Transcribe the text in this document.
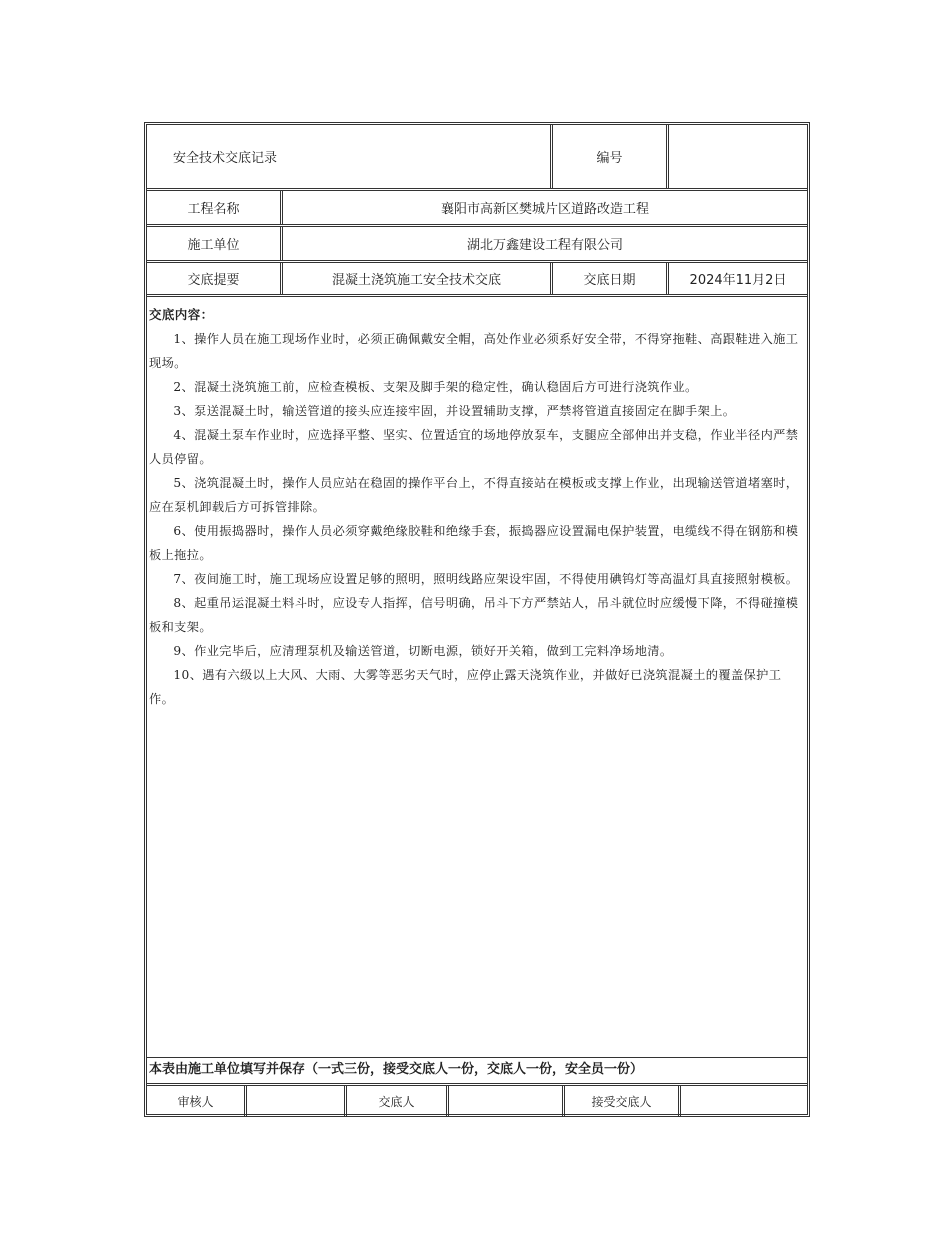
安全技术交底记录	编号
工程名称	襄阳市高新区樊城片区道路改造工程
施工单位	湖北万鑫建设工程有限公司
交底提要	混凝土浇筑施工安全技术交底	交底日期	2024年11月2日
交底内容：

1、操作人员在施工现场作业时，必须正确佩戴安全帽，高处作业必须系好安全带，不得穿拖鞋、高跟鞋进入施工现场。

2、混凝土浇筑施工前，应检查模板、支架及脚手架的稳定性，确认稳固后方可进行浇筑作业。

3、泵送混凝土时，输送管道的接头应连接牢固，并设置辅助支撑，严禁将管道直接固定在脚手架上。

4、混凝土泵车作业时，应选择平整、坚实、位置适宜的场地停放泵车，支腿应全部伸出并支稳，作业半径内严禁人员停留。

5、浇筑混凝土时，操作人员应站在稳固的操作平台上，不得直接站在模板或支撑上作业，出现输送管道堵塞时，应在泵机卸载后方可拆管排除。

6、使用振捣器时，操作人员必须穿戴绝缘胶鞋和绝缘手套，振捣器应设置漏电保护装置，电缆线不得在钢筋和模板上拖拉。

7、夜间施工时，施工现场应设置足够的照明，照明线路应架设牢固，不得使用碘钨灯等高温灯具直接照射模板。

8、起重吊运混凝土料斗时，应设专人指挥，信号明确，吊斗下方严禁站人，吊斗就位时应缓慢下降，不得碰撞模板和支架。

9、作业完毕后，应清理泵机及输送管道，切断电源，锁好开关箱，做到工完料净场地清。

10、遇有六级以上大风、大雨、大雾等恶劣天气时，应停止露天浇筑作业，并做好已浇筑混凝土的覆盖保护工作。

本表由施工单位填写并保存（一式三份，接受交底人一份，交底人一份，安全员一份）
审核人	交底人	接受交底人
